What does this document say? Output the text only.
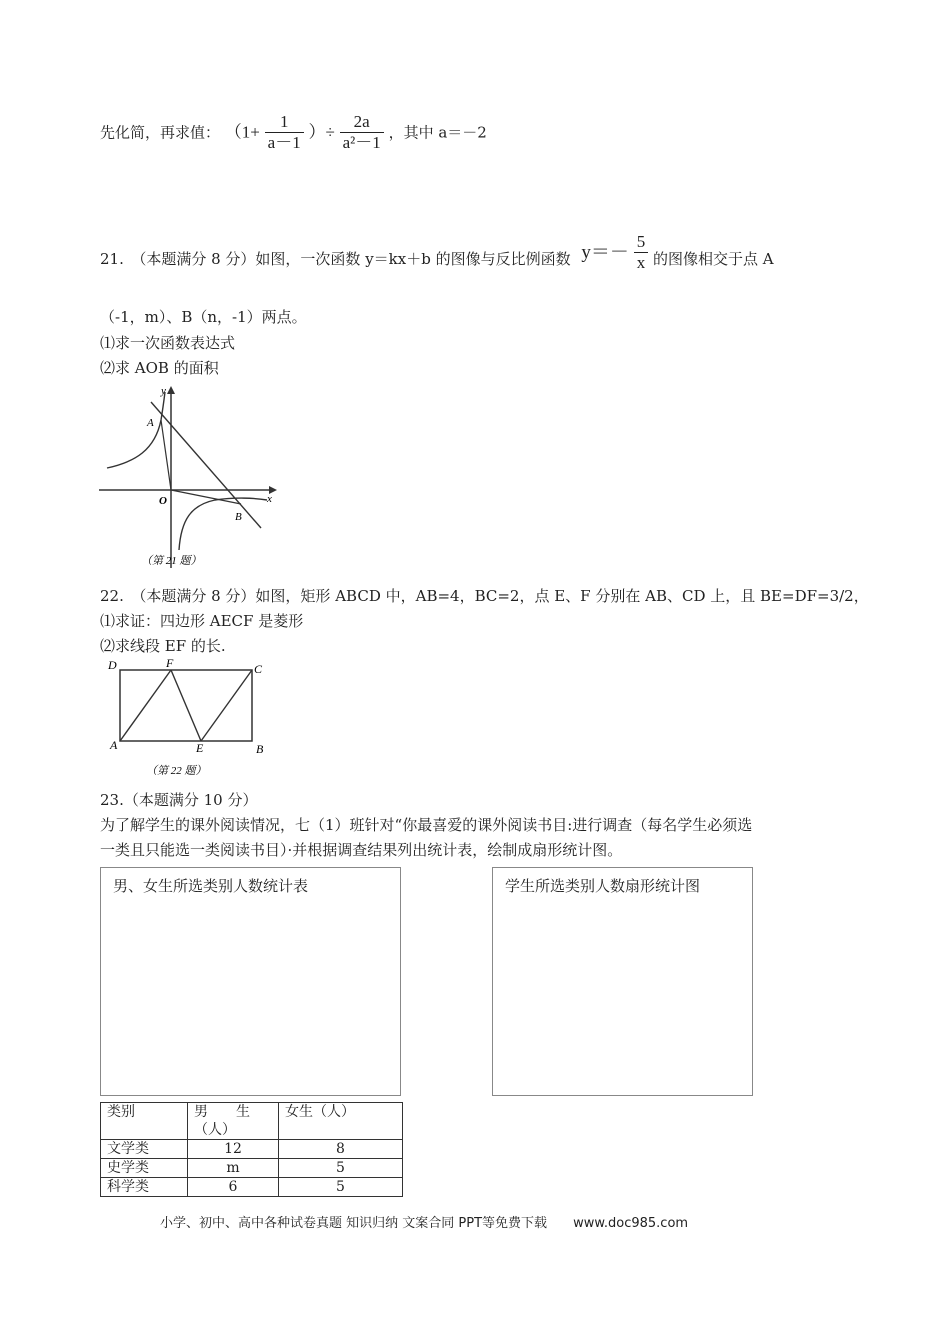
先化简，再求值： （$1+ \frac{1}{a-1}$ ）÷ $\frac{2a}{\text{a²－1}}$ ，其中 a＝－2
21.　（本题满分 8 分）如图，一次函数 y＝kx＋b 的图像与反比例函数 $y=- \frac{5}{x}$ 的图像相交于点 A
（-1，m）、B（n，-1）两点。
⑴求一次函数表达式
⑵求 AOB 的面积
y
x
O
A
B
（第 21 题）
22.　（本题满分 8 分）如图，矩形 ABCD 中，AB=4，BC=2，点 E、F 分别在 AB、CD 上，且 BE=DF=3/2，
⑴求证：四边形 AECF 是菱形
⑵求线段 EF 的长.
D	F	C
A	E	B
（第 22 题）
23.（本题满分 10 分）
为了解学生的课外阅读情况，七（1）班针对“你最喜爱的课外阅读书目:进行调查（每名学生必须选
一类且只能选一类阅读书目）·并根据调查结果列出统计表，绘制成扇形统计图。
男、女生所选类别人数统计表	学生所选类别人数扇形统计图
类别	男　　生（人）	女生（人）
文学类	12	8
史学类	m	5
科学类	6	5
小学、初中、高中各种试卷真题 知识归纳 文案合同 PPT等免费下载 www.doc985.com
